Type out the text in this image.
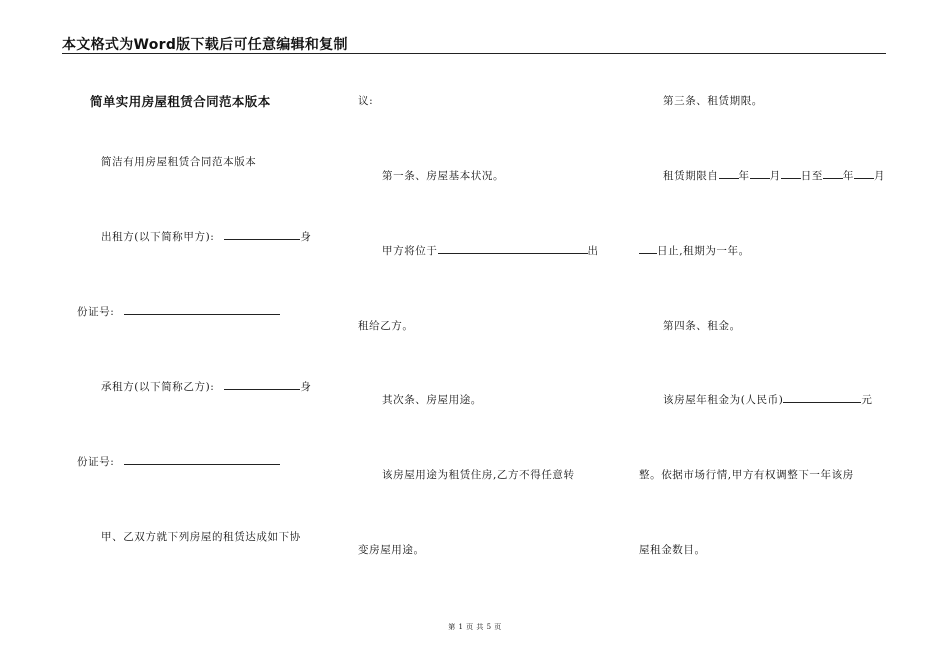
本文格式为Word版下载后可任意编辑和复制
简单实用房屋租赁合同范本版本
简洁有用房屋租赁合同范本版本
出租方(以下简称甲方):	身
份证号:
承租方(以下简称乙方):	身
份证号:
甲、乙双方就下列房屋的租赁达成如下协
议:
第一条、房屋基本状况。
甲方将位于	出
租给乙方。
其次条、房屋用途。
该房屋用途为租赁住房,乙方不得任意转
变房屋用途。
第三条、租赁期限。
租赁期限自 年 月 日至 年 月
日止,租期为一年。
第四条、租金。
该房屋年租金为(人民币)	元
整。依据市场行情,甲方有权调整下一年该房
屋租金数目。
第 1 页 共 5 页
